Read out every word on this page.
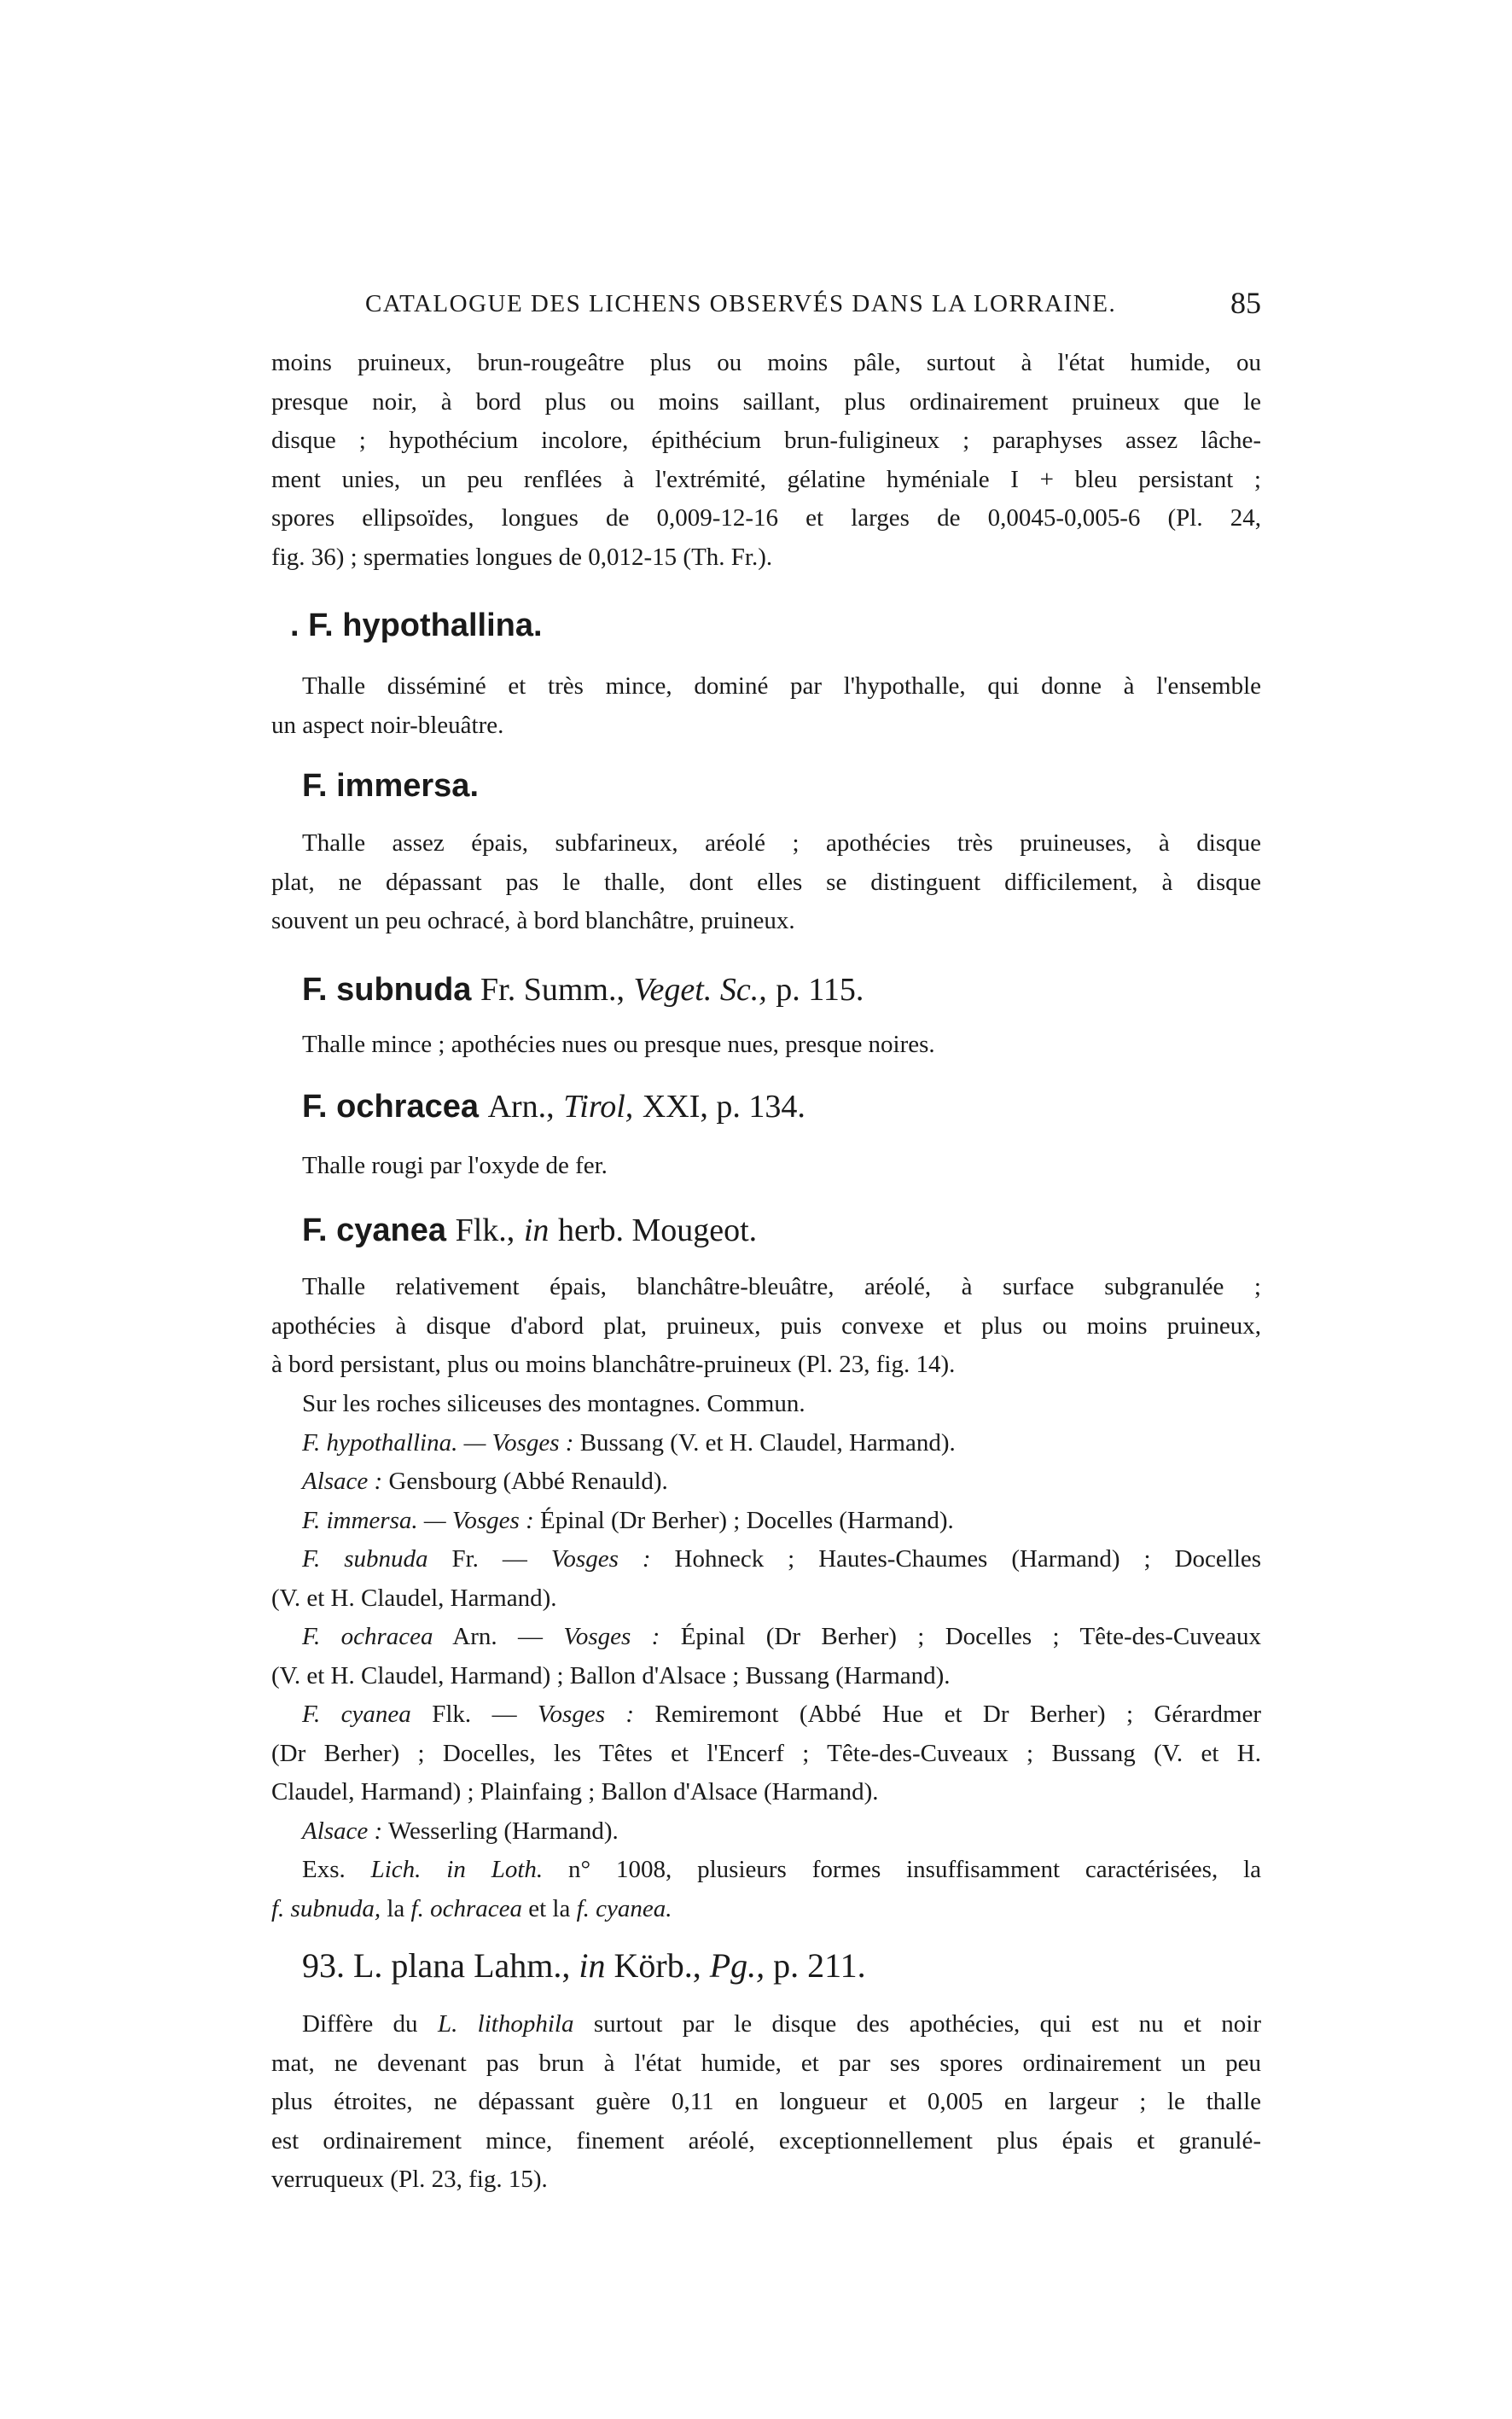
CATALOGUE DES LICHENS OBSERVÉS DANS LA LORRAINE.	85
moins pruineux, brun-rougeâtre plus ou moins pâle, surtout à l'état humide, ou
presque noir, à bord plus ou moins saillant, plus ordinairement pruineux que le
disque ; hypothécium incolore, épithécium brun-fuligineux ; paraphyses assez lâche-
ment unies, un peu renflées à l'extrémité, gélatine hyméniale I + bleu persistant ;
spores ellipsoïdes, longues de 0,009-12-16 et larges de 0,0045-0,005-6 (Pl. 24,
fig. 36) ; spermaties longues de 0,012-15 (Th. Fr.).
. F. hypothallina.
Thalle disséminé et très mince, dominé par l'hypothalle, qui donne à l'ensemble
un aspect noir-bleuâtre.
F. immersa.
Thalle assez épais, subfarineux, aréolé ; apothécies très pruineuses, à disque
plat, ne dépassant pas le thalle, dont elles se distinguent difficilement, à disque
souvent un peu ochracé, à bord blanchâtre, pruineux.
F. subnuda Fr. Summ., Veget. Sc., p. 115.
Thalle mince ; apothécies nues ou presque nues, presque noires.
F. ochracea Arn., Tirol, XXI, p. 134.
Thalle rougi par l'oxyde de fer.
F. cyanea Flk., in herb. Mougeot.
Thalle relativement épais, blanchâtre-bleuâtre, aréolé, à surface subgranulée ;
apothécies à disque d'abord plat, pruineux, puis convexe et plus ou moins pruineux,
à bord persistant, plus ou moins blanchâtre-pruineux (Pl. 23, fig. 14).
Sur les roches siliceuses des montagnes. Commun.
F. hypothallina. — Vosges : Bussang (V. et H. Claudel, Harmand).
Alsace : Gensbourg (Abbé Renauld).
F. immersa. — Vosges : Épinal (Dr Berher) ; Docelles (Harmand).
F. subnuda Fr. — Vosges : Hohneck ; Hautes-Chaumes (Harmand) ; Docelles
(V. et H. Claudel, Harmand).
F. ochracea Arn. — Vosges : Épinal (Dr Berher) ; Docelles ; Tête-des-Cuveaux
(V. et H. Claudel, Harmand) ; Ballon d'Alsace ; Bussang (Harmand).
F. cyanea Flk. — Vosges : Remiremont (Abbé Hue et Dr Berher) ; Gérardmer
(Dr Berher) ; Docelles, les Têtes et l'Encerf ; Tête-des-Cuveaux ; Bussang (V. et H.
Claudel, Harmand) ; Plainfaing ; Ballon d'Alsace (Harmand).
Alsace : Wesserling (Harmand).
Exs. Lich. in Loth. n° 1008, plusieurs formes insuffisamment caractérisées, la
f. subnuda, la f. ochracea et la f. cyanea.
93. L. plana Lahm., in Körb., Pg., p. 211.
Diffère du L. lithophila surtout par le disque des apothécies, qui est nu et noir
mat, ne devenant pas brun à l'état humide, et par ses spores ordinairement un peu
plus étroites, ne dépassant guère 0,11 en longueur et 0,005 en largeur ; le thalle
est ordinairement mince, finement aréolé, exceptionnellement plus épais et granulé-
verruqueux (Pl. 23, fig. 15).
